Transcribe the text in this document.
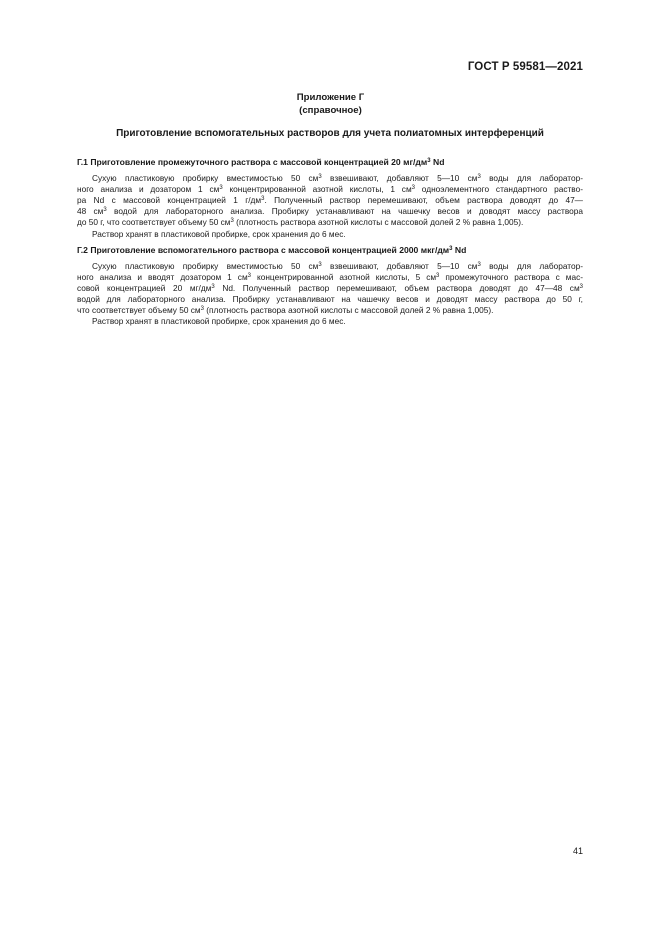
ГОСТ Р 59581—2021
Приложение Г
(справочное)
Приготовление вспомогательных растворов для учета полиатомных интерференций
Г.1 Приготовление промежуточного раствора с массовой концентрацией 20 $мг/дм^3$ Nd
Сухую пластиковую пробирку вместимостью 50 $см^3$ взвешивают, добавляют 5—10 $см^3$ воды для лаборатор-
ного анализа и дозатором 1 $см^3$ концентрированной азотной кислоты, 1 $см^3$ одноэлементного стандартного раство-
ра Nd с массовой концентрацией 1 $г/дм^3$. Полученный раствор перемешивают, объем раствора доводят до 47—
48 $см^3$ водой для лабораторного анализа. Пробирку устанавливают на чашечку весов и доводят массу раствора
до 50 г, что соответствует объему 50 $см^3$ (плотность раствора азотной кислоты с массовой долей 2 % равна 1,005).
Раствор хранят в пластиковой пробирке, срок хранения до 6 мес.
Г.2 Приготовление вспомогательного раствора с массовой концентрацией 2000 мкг/$дм^3$ Nd
Сухую пластиковую пробирку вместимостью 50 $см^3$ взвешивают, добавляют 5—10 $см^3$ воды для лаборатор-
ного анализа и вводят дозатором 1 $см^3$ концентрированной азотной кислоты, 5 $см^3$ промежуточного раствора с мас-
совой концентрацией 20 $мг/дм^3$ Nd. Полученный раствор перемешивают, объем раствора доводят до 47—48 $см^3$
водой для лабораторного анализа. Пробирку устанавливают на чашечку весов и доводят массу раствора до 50 г,
что соответствует объему 50 $см^3$ (плотность раствора азотной кислоты с массовой долей 2 % равна 1,005).
Раствор хранят в пластиковой пробирке, срок хранения до 6 мес.
41
